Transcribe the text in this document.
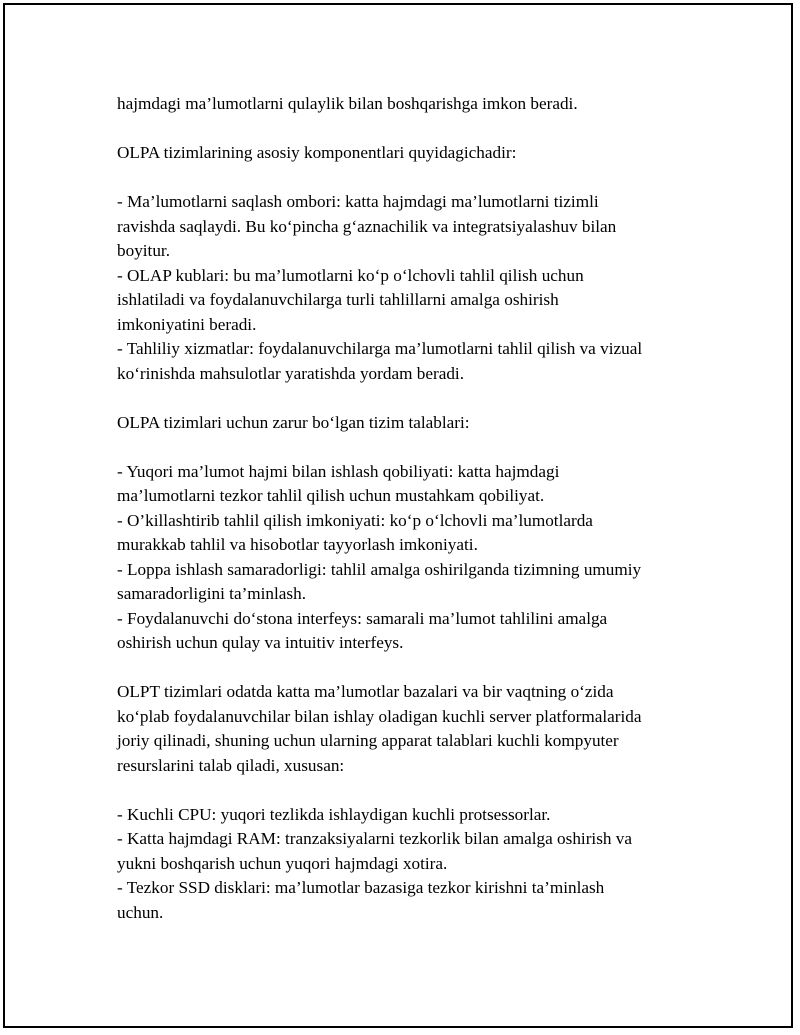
hajmdagi ma’lumotlarni qulaylik bilan boshqarishga imkon beradi.
OLPA tizimlarining asosiy komponentlari quyidagichadir:
- Ma’lumotlarni saqlash ombori: katta hajmdagi ma’lumotlarni tizimli
ravishda saqlaydi. Bu koʻpincha gʻaznachilik va integratsiyalashuv bilan
boyitur.
- OLAP kublari: bu ma’lumotlarni koʻp oʻlchovli tahlil qilish uchun
ishlatiladi va foydalanuvchilarga turli tahlillarni amalga oshirish
imkoniyatini beradi.
- Tahliliy xizmatlar: foydalanuvchilarga ma’lumotlarni tahlil qilish va vizual
koʻrinishda mahsulotlar yaratishda yordam beradi.
OLPA tizimlari uchun zarur boʻlgan tizim talablari:
- Yuqori ma’lumot hajmi bilan ishlash qobiliyati: katta hajmdagi
ma’lumotlarni tezkor tahlil qilish uchun mustahkam qobiliyat.
- O’killashtirib tahlil qilish imkoniyati: koʻp oʻlchovli ma’lumotlarda
murakkab tahlil va hisobotlar tayyorlash imkoniyati.
- Loppa ishlash samaradorligi: tahlil amalga oshirilganda tizimning umumiy
samaradorligini ta’minlash.
- Foydalanuvchi doʻstona interfeys: samarali ma’lumot tahlilini amalga
oshirish uchun qulay va intuitiv interfeys.
OLPT tizimlari odatda katta ma’lumotlar bazalari va bir vaqtning oʻzida
koʻplab foydalanuvchilar bilan ishlay oladigan kuchli server platformalarida
joriy qilinadi, shuning uchun ularning apparat talablari kuchli kompyuter
resurslarini talab qiladi, xususan:
- Kuchli CPU: yuqori tezlikda ishlaydigan kuchli protsessorlar.
- Katta hajmdagi RAM: tranzaksiyalarni tezkorlik bilan amalga oshirish va
yukni boshqarish uchun yuqori hajmdagi xotira.
- Tezkor SSD disklari: ma’lumotlar bazasiga tezkor kirishni ta’minlash
uchun.
